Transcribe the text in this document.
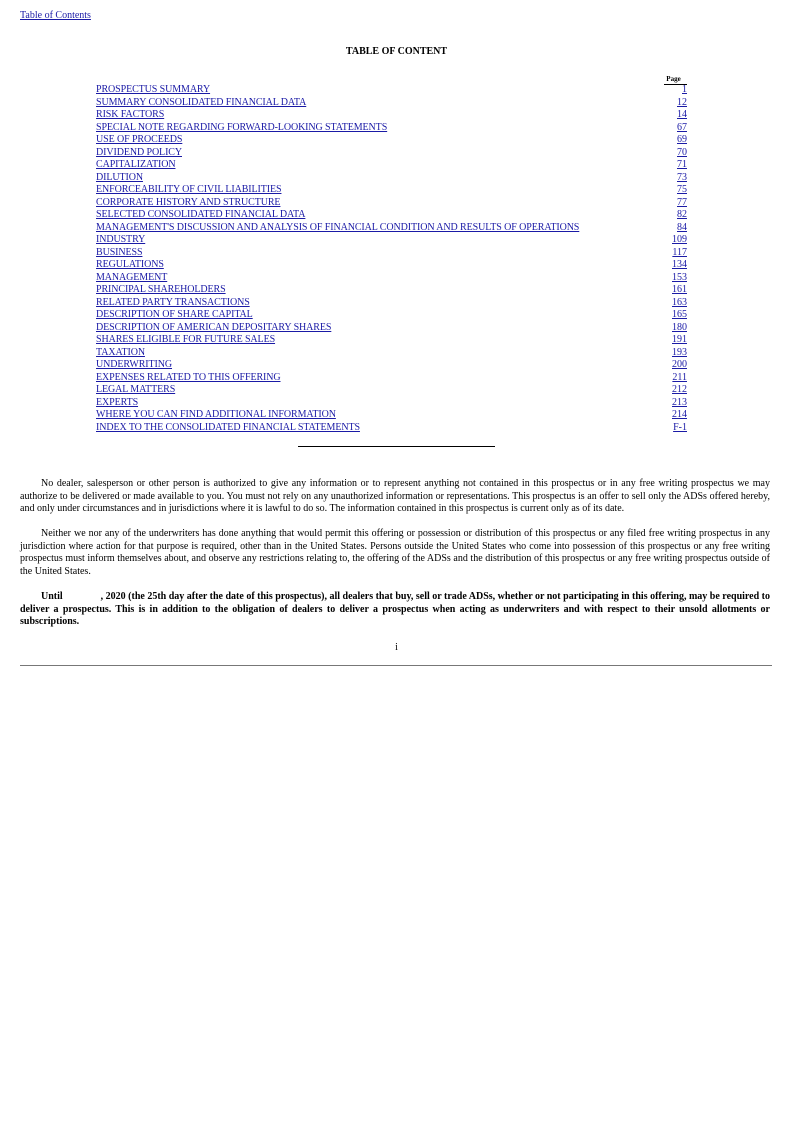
Table of Contents
TABLE OF CONTENT
Page
PROSPECTUS SUMMARY	1
SUMMARY CONSOLIDATED FINANCIAL DATA	12
RISK FACTORS	14
SPECIAL NOTE REGARDING FORWARD-LOOKING STATEMENTS	67
USE OF PROCEEDS	69
DIVIDEND POLICY	70
CAPITALIZATION	71
DILUTION	73
ENFORCEABILITY OF CIVIL LIABILITIES	75
CORPORATE HISTORY AND STRUCTURE	77
SELECTED CONSOLIDATED FINANCIAL DATA	82
MANAGEMENT'S DISCUSSION AND ANALYSIS OF FINANCIAL CONDITION AND RESULTS OF OPERATIONS	84
INDUSTRY	109
BUSINESS	117
REGULATIONS	134
MANAGEMENT	153
PRINCIPAL SHAREHOLDERS	161
RELATED PARTY TRANSACTIONS	163
DESCRIPTION OF SHARE CAPITAL	165
DESCRIPTION OF AMERICAN DEPOSITARY SHARES	180
SHARES ELIGIBLE FOR FUTURE SALES	191
TAXATION	193
UNDERWRITING	200
EXPENSES RELATED TO THIS OFFERING	211
LEGAL MATTERS	212
EXPERTS	213
WHERE YOU CAN FIND ADDITIONAL INFORMATION	214
INDEX TO THE CONSOLIDATED FINANCIAL STATEMENTS	F-1

No dealer, salesperson or other person is authorized to give any information or to represent anything not contained in this prospectus or in any free writing prospectus we may authorize to be delivered or made available to you. You must not rely on any unauthorized information or representations. This prospectus is an offer to sell only the ADSs offered hereby, and only under circumstances and in jurisdictions where it is lawful to do so. The information contained in this prospectus is current only as of its date.

Neither we nor any of the underwriters has done anything that would permit this offering or possession or distribution of this prospectus or any filed free writing prospectus in any jurisdiction where action for that purpose is required, other than in the United States. Persons outside the United States who come into possession of this prospectus or any free writing prospectus must inform themselves about, and observe any restrictions relating to, the offering of the ADSs and the distribution of this prospectus or any free writing prospectus outside of the United States.

Until	, 2020 (the 25th day after the date of this prospectus), all dealers that buy, sell or trade ADSs, whether or not participating in this offering, may be required to deliver a prospectus. This is in addition to the obligation of dealers to deliver a prospectus when acting as underwriters and with respect to their unsold allotments or subscriptions.

i
